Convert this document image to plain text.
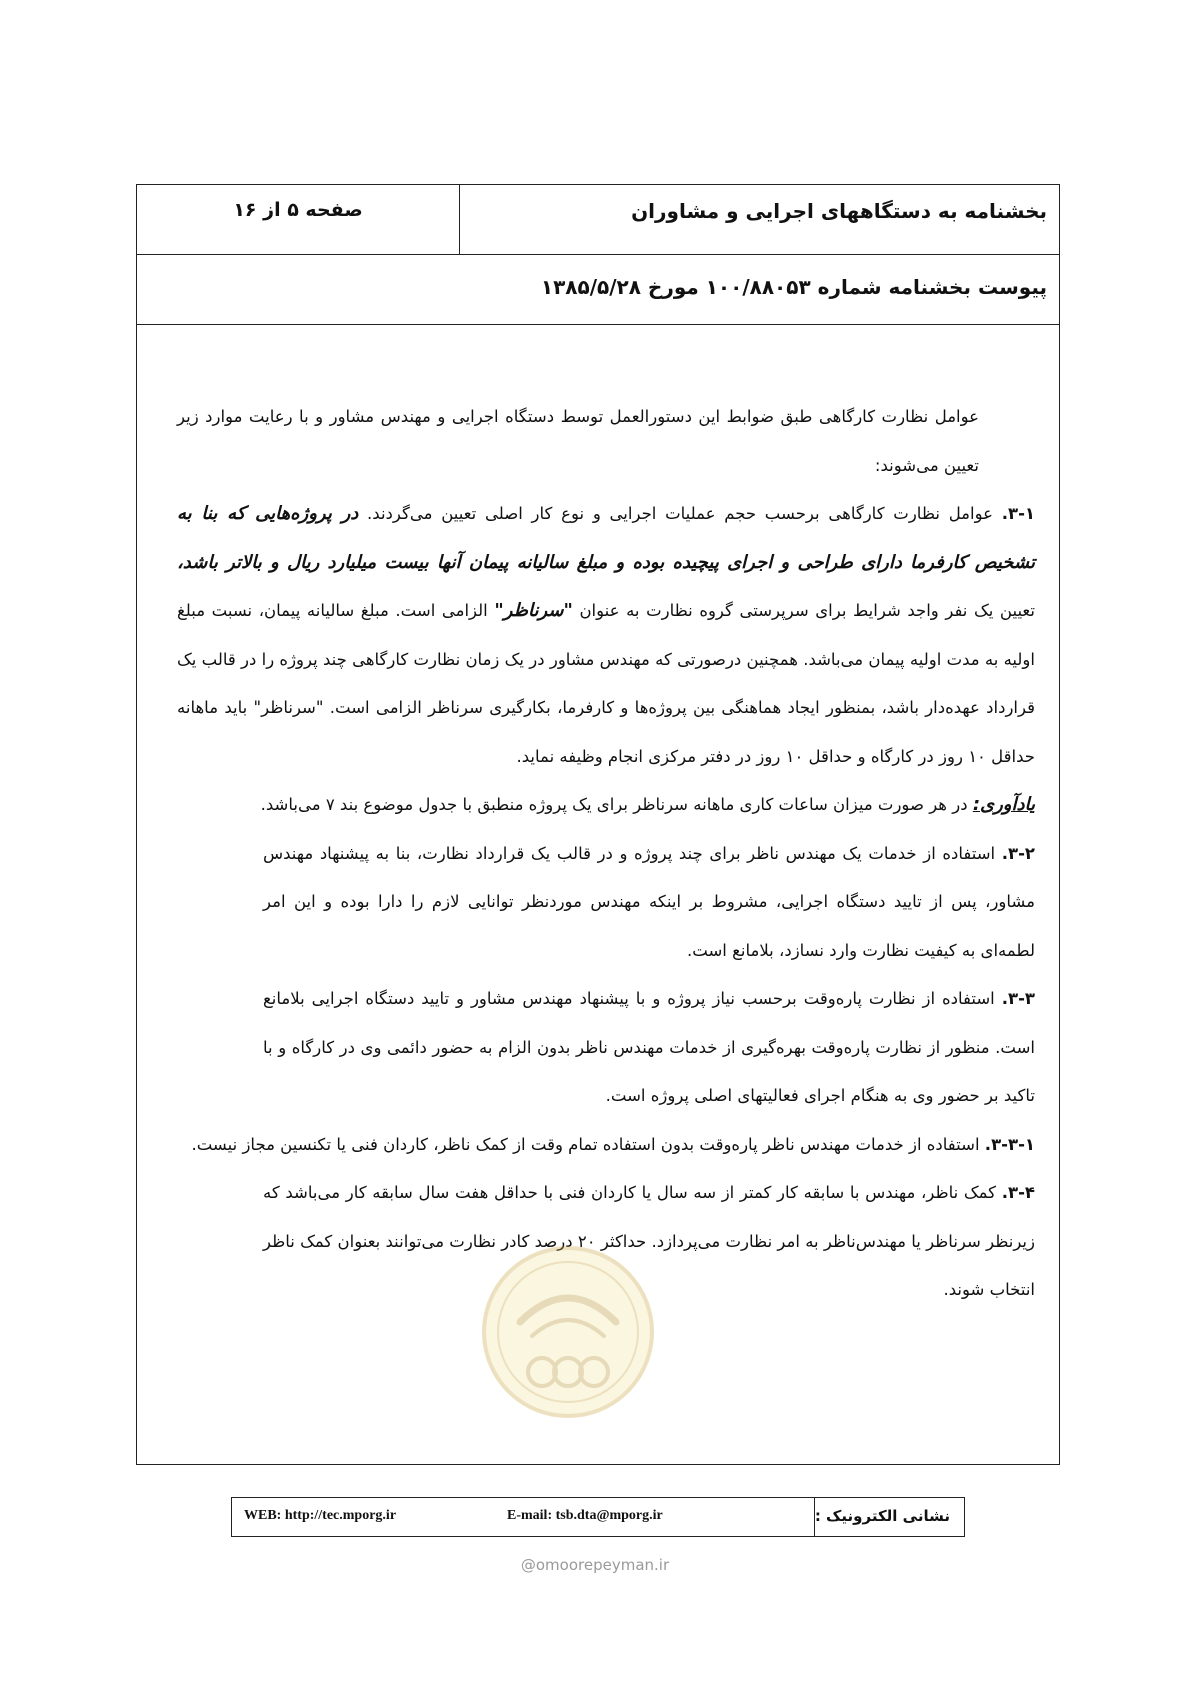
بخشنامه به دستگاههای اجرایی و مشاوران
صفحه ۵ از ۱۶
پیوست بخشنامه شماره ۱۰۰/۸۸۰۵۳ مورخ ۱۳۸۵/۵/۲۸

عوامل نظارت کارگاهی طبق ضوابط این دستورالعمل توسط دستگاه اجرایی و مهندس مشاور و با رعایت موارد زیر تعیین می‌شوند:

۳-۱. عوامل نظارت کارگاهی برحسب حجم عملیات اجرایی و نوع کار اصلی تعیین می‌گردند. در پروژه‌هایی که بنا به تشخیص کارفرما دارای طراحی و اجرای پیچیده بوده و مبلغ سالیانه پیمان آنها بیست میلیارد ریال و بالاتر باشد، تعیین یک نفر واجد شرایط برای سرپرستی گروه نظارت به عنوان "سرناظر" الزامی است. مبلغ سالیانه پیمان، نسبت مبلغ اولیه به مدت اولیه پیمان می‌باشد. همچنین درصورتی که مهندس مشاور در یک زمان نظارت کارگاهی چند پروژه را در قالب یک قرارداد عهده‌دار باشد، بمنظور ایجاد هماهنگی بین پروژه‌ها و کارفرما، بکارگیری سرناظر الزامی است. "سرناظر" باید ماهانه حداقل ۱۰ روز در کارگاه و حداقل ۱۰ روز در دفتر مرکزی انجام وظیفه نماید.

یادآوری: در هر صورت میزان ساعات کاری ماهانه سرناظر برای یک پروژه منطبق با جدول موضوع بند ۷ می‌باشد.

۳-۲. استفاده از خدمات یک مهندس ناظر برای چند پروژه و در قالب یک قرارداد نظارت، بنا به پیشنهاد مهندس مشاور، پس از تایید دستگاه اجرایی، مشروط بر اینکه مهندس موردنظر توانایی لازم را دارا بوده و این امر لطمه‌ای به کیفیت نظارت وارد نسازد، بلامانع است.

۳-۳. استفاده از نظارت پاره‌وقت برحسب نیاز پروژه و با پیشنهاد مهندس مشاور و تایید دستگاه اجرایی بلامانع است. منظور از نظارت پاره‌وقت بهره‌گیری از خدمات مهندس ناظر بدون الزام به حضور دائمی وی در کارگاه و با تاکید بر حضور وی به هنگام اجرای فعالیتهای اصلی پروژه است.

۳-۳-۱. استفاده از خدمات مهندس ناظر پاره‌وقت بدون استفاده تمام وقت از کمک ناظر، کاردان فنی یا تکنسین مجاز نیست.

۳-۴. کمک ناظر، مهندس با سابقه کار کمتر از سه سال یا کاردان فنی با حداقل هفت سال سابقه کار می‌باشد که زیرنظر سرناظر یا مهندس‌ناظر به امر نظارت می‌پردازد. حداکثر ۲۰ درصد کادر نظارت می‌توانند بعنوان کمک ناظر انتخاب شوند.

WEB: http://tec.mporg.ir	E-mail: tsb.dta@mporg.ir	نشانی الکترونیک :
@omoorepeyman.ir
